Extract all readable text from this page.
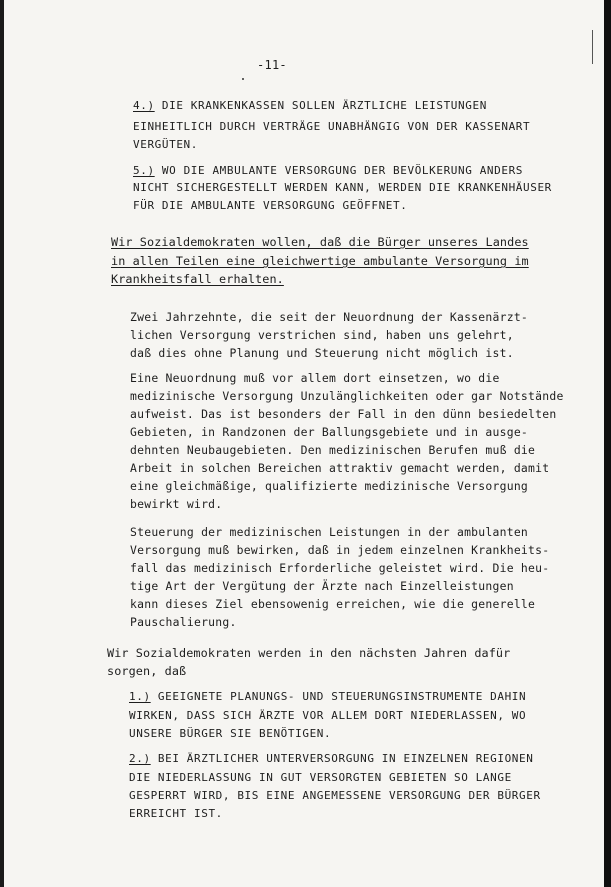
-11-
4.) DIE KRANKENKASSEN SOLLEN ÄRZTLICHE LEISTUNGEN
EINHEITLICH DURCH VERTRÄGE UNABHÄNGIG VON DER KASSENART
VERGÜTEN.
5.) WO DIE AMBULANTE VERSORGUNG DER BEVÖLKERUNG ANDERS
NICHT SICHERGESTELLT WERDEN KANN, WERDEN DIE KRANKENHÄUSER
FÜR DIE AMBULANTE VERSORGUNG GEÖFFNET.
Wir Sozialdemokraten wollen, daß die Bürger unseres Landes
in allen Teilen eine gleichwertige ambulante Versorgung im
Krankheitsfall erhalten.
Zwei Jahrzehnte, die seit der Neuordnung der Kassenärzt-
lichen Versorgung verstrichen sind, haben uns gelehrt,
daß dies ohne Planung und Steuerung nicht möglich ist.
Eine Neuordnung muß vor allem dort einsetzen, wo die
medizinische Versorgung Unzulänglichkeiten oder gar Notstände
aufweist. Das ist besonders der Fall in den dünn besiedelten
Gebieten, in Randzonen der Ballungsgebiete und in ausge-
dehnten Neubaugebieten. Den medizinischen Berufen muß die
Arbeit in solchen Bereichen attraktiv gemacht werden, damit
eine gleichmäßige, qualifizierte medizinische Versorgung
bewirkt wird.
Steuerung der medizinischen Leistungen in der ambulanten
Versorgung muß bewirken, daß in jedem einzelnen Krankheits-
fall das medizinisch Erforderliche geleistet wird. Die heu-
tige Art der Vergütung der Ärzte nach Einzelleistungen
kann dieses Ziel ebensowenig erreichen, wie die generelle
Pauschalierung.
Wir Sozialdemokraten werden in den nächsten Jahren dafür
sorgen, daß
1.) GEEIGNETE PLANUNGS- UND STEUERUNGSINSTRUMENTE DAHIN
WIRKEN, DASS SICH ÄRZTE VOR ALLEM DORT NIEDERLASSEN, WO
UNSERE BÜRGER SIE BENÖTIGEN.
2.) BEI ÄRZTLICHER UNTERVERSORGUNG IN EINZELNEN REGIONEN
DIE NIEDERLASSUNG IN GUT VERSORGTEN GEBIETEN SO LANGE
GESPERRT WIRD, BIS EINE ANGEMESSENE VERSORGUNG DER BÜRGER
ERREICHT IST.
